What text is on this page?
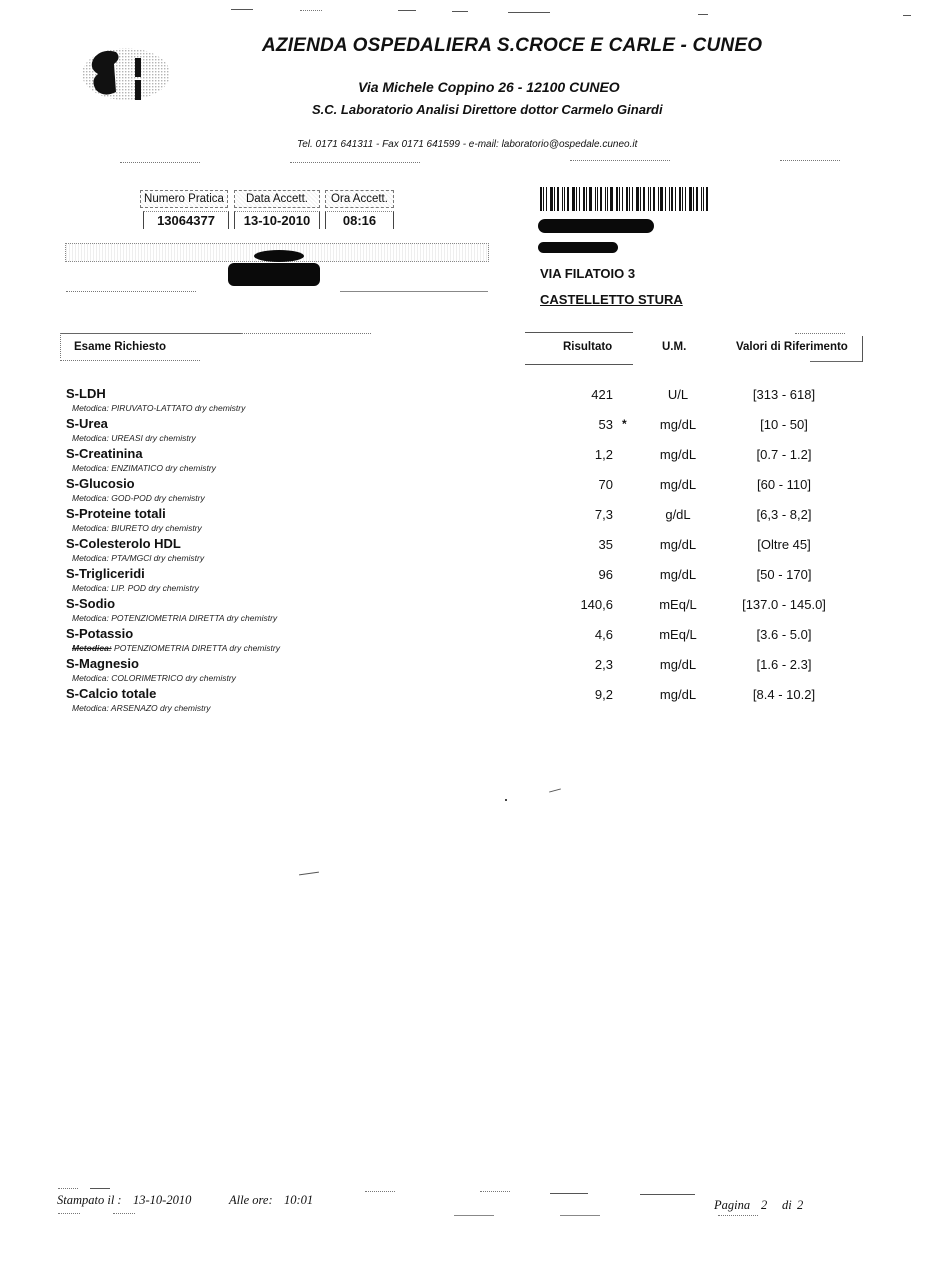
AZIENDA OSPEDALIERA S.CROCE E CARLE - CUNEO
Via Michele Coppino 26 - 12100 CUNEO
S.C. Laboratorio Analisi Direttore dottor Carmelo Ginardi
Tel. 0171 641311 - Fax 0171 641599 - e-mail: laboratorio@ospedale.cuneo.it
Numero Pratica	Data Accett.	Ora Accett.
13064377	13-10-2010	08:16
VIA FILATOIO 3
CASTELLETTO STURA
Esame Richiesto	Risultato	U.M.	Valori di Riferimento
S-LDH
Metodica: PIRUVATO-LATTATO dry chemistry
421	U/L	[313 - 618]
S-Urea
Metodica: UREASI dry chemistry
53 *	mg/dL	[10 - 50]
S-Creatinina
Metodica: ENZIMATICO dry chemistry
1,2	mg/dL	[0.7 - 1.2]
S-Glucosio
Metodica: GOD-POD dry chemistry
70	mg/dL	[60 - 110]
S-Proteine totali
Metodica: BIURETO dry chemistry
7,3	g/dL	[6,3 - 8,2]
S-Colesterolo HDL
Metodica: PTA/MGCl dry chemistry
35	mg/dL	[Oltre 45]
S-Trigliceridi
Metodica: LIP. POD dry chemistry
96	mg/dL	[50 - 170]
S-Sodio
Metodica: POTENZIOMETRIA DIRETTA dry chemistry
140,6	mEq/L	[137.0 - 145.0]
S-Potassio
Metodica: POTENZIOMETRIA DIRETTA dry chemistry
4,6	mEq/L	[3.6 - 5.0]
S-Magnesio
Metodica: COLORIMETRICO dry chemistry
2,3	mg/dL	[1.6 - 2.3]
S-Calcio totale
Metodica: ARSENAZO dry chemistry
9,2	mg/dL	[8.4 - 10.2]
Stampato il : 13-10-2010	Alle ore: 10:01	Pagina 2 di 2
